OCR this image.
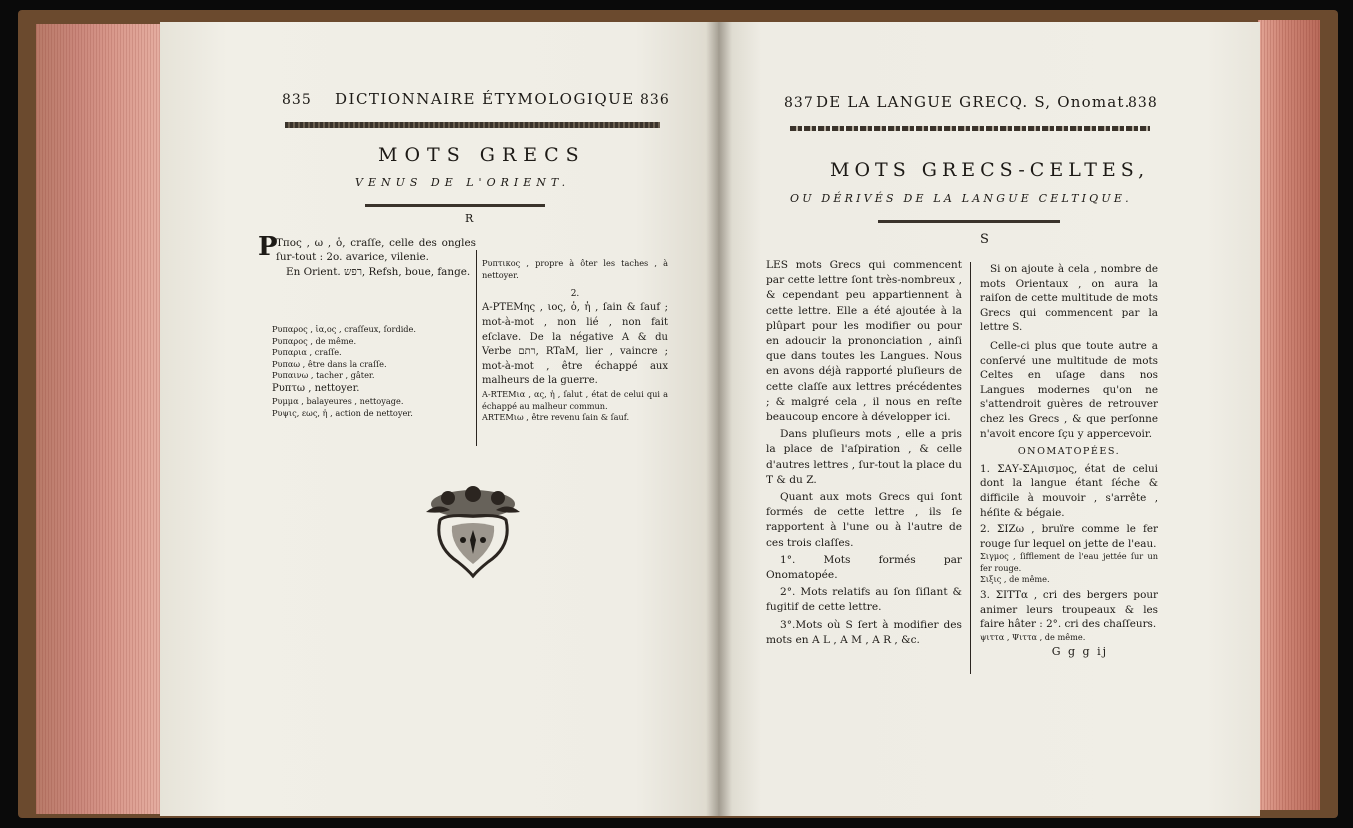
835 DICTIONNAIRE ÉTYMOLOGIQUE 836
MOTS GRECS
VENUS DE L'ORIENT.
R
P

Τπος , ω , ὁ, craſſe, celle des ongles ſur-tout : 2o. avarice, vilenie.

En Orient. רפש, Refsh, boue, fange.

Ρυπαρος , ἰα,ος , craſſeux, ſordide.

Ρυπαρος , de même.

Ρυπαρια , craſſe.

Ρυπαω , être dans la craſſe.

Ρυπαινω , tacher , gâter.

Ρυπτω , nettoyer.

Ρυμμα , balayeures , nettoyage.

Ρυψις, εως, ἡ , action de nettoyer.

Ρυπτικος , propre à ôter les taches , à nettoyer.

2.

A-PTEMης , ιος, ὁ, ἡ , ſain & ſauf ; mot-à-mot , non lié , non fait eſclave. De la négative A & du Verbe רתם, RTaM, lier , vaincre ; mot-à-mot , être échappé aux malheurs de la guerre.

A-RTEMια , ας, ἡ , ſalut , état de celui qui a échappé au malheur commun.

ARTEMιω , être revenu ſain & ſauf.

837 DE LA LANGUE GRECQ. S, Onomat.
838
MOTS GRECS-CELTES,
OU DÉRIVÉS DE LA LANGUE CELTIQUE.
S

LES mots Grecs qui commencent par cette lettre ſont très-nombreux , & cependant peu appartiennent à cette lettre. Elle a été ajoutée à la plûpart pour les modifier ou pour en adoucir la prononciation , ainſi que dans toutes les Langues. Nous en avons déjà rapporté pluſieurs de cette claſſe aux lettres précédentes ; & malgré cela , il nous en reſte beaucoup encore à développer ici.

Dans pluſieurs mots , elle a pris la place de l'aſpiration , & celle d'autres lettres , ſur-tout la place du T & du Z.

Quant aux mots Grecs qui ſont formés de cette lettre , ils ſe rapportent à l'une ou à l'autre de ces trois claſſes.

1°. Mots formés par Onomatopée.

2°. Mots relatifs au ſon ſiſlant & fugitif de cette lettre.

3°.Mots où S ſert à modifier des mots en A L , A M , A R , &c.

Si on ajoute à cela , nombre de mots Orientaux , on aura la raiſon de cette multitude de mots Grecs qui commencent par la lettre S.

Celle-ci plus que toute autre a conſervé une multitude de mots Celtes en uſage dans nos Langues modernes qu'on ne s'attendroit guères de retrouver chez les Grecs , & que perſonne n'avoit encore ſçu y appercevoir.

ONOMATOPÉES.

1. ΣΑΥ-ΣΑμισμος, état de celui dont la langue étant ſéche & difficile à mouvoir , s'arrête , héſite & bégaie.

2. ΣΙΖω , bruïre comme le fer rouge ſur lequel on jette de l'eau.

Σιγμος , ſifflement de l'eau jettée ſur un fer rouge.

Σιξις , de même.

3. ΣΙΤΤα , cri des bergers pour animer leurs troupeaux & les faire hâter : 2°. cri des chaſſeurs.

ψιττα , Ψιττα , de même.

G g g ij
